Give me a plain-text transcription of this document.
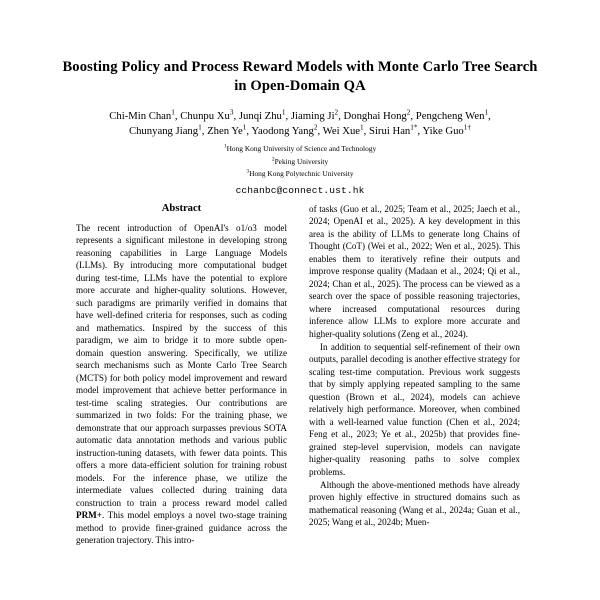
Boosting Policy and Process Reward Models with Monte Carlo Tree Search
in Open-Domain QA
Chi-Min Chan$^1$, Chunpu Xu$^3$, Junqi Zhu$^1$, Jiaming Ji$^2$, Donghai Hong$^2$, Pengcheng Wen$^1$,
Chunyang Jiang$^1$, Zhen Ye$^1$, Yaodong Yang$^2$, Wei Xue$^1$, Sirui Han$^{1*}$, Yike Guo$^{1\dagger}$
$^1$Hong Kong University of Science and Technology
$^2$Peking University
$^3$Hong Kong Polytechnic University
cchanbc@connect.ust.hk
Abstract

The recent introduction of OpenAI's o1/o3 model represents a significant milestone in developing strong reasoning capabilities in Large Language Models (LLMs). By introducing more computational budget during test-time, LLMs have the potential to explore more accurate and higher-quality solutions. However, such paradigms are primarily verified in domains that have well-defined criteria for responses, such as coding and mathematics. Inspired by the success of this paradigm, we aim to bridge it to more subtle open-domain question answering. Specifically, we utilize search mechanisms such as Monte Carlo Tree Search (MCTS) for both policy model improvement and reward model improvement that achieve better performance in test-time scaling strategies. Our contributions are summarized in two folds: For the training phase, we demonstrate that our approach surpasses previous SOTA automatic data annotation methods and various public instruction-tuning datasets, with fewer data points. This offers a more data-efficient solution for training robust models. For the inference phase, we utilize the intermediate values collected during training data construction to train a process reward model called PRM+. This model employs a novel two-stage training method to provide finer-grained guidance across the generation trajectory. This intro-

of tasks (Guo et al., 2025; Team et al., 2025; Jaech et al., 2024; OpenAI et al., 2025). A key development in this area is the ability of LLMs to generate long Chains of Thought (CoT) (Wei et al., 2022; Wen et al., 2025). This enables them to iteratively refine their outputs and improve response quality (Madaan et al., 2024; Qi et al., 2024; Chan et al., 2025). The process can be viewed as a search over the space of possible reasoning trajectories, where increased computational resources during inference allow LLMs to explore more accurate and higher-quality solutions (Zeng et al., 2024).

In addition to sequential self-refinement of their own outputs, parallel decoding is another effective strategy for scaling test-time computation. Previous work suggests that by simply applying repeated sampling to the same question (Brown et al., 2024), models can achieve relatively high performance. Moreover, when combined with a well-learned value function (Chen et al., 2024; Feng et al., 2023; Ye et al., 2025b) that provides fine-grained step-level supervision, models can navigate higher-quality reasoning paths to solve complex problems.

Although the above-mentioned methods have already proven highly effective in structured domains such as mathematical reasoning (Wang et al., 2024a; Guan et al., 2025; Wang et al., 2024b; Muen-
